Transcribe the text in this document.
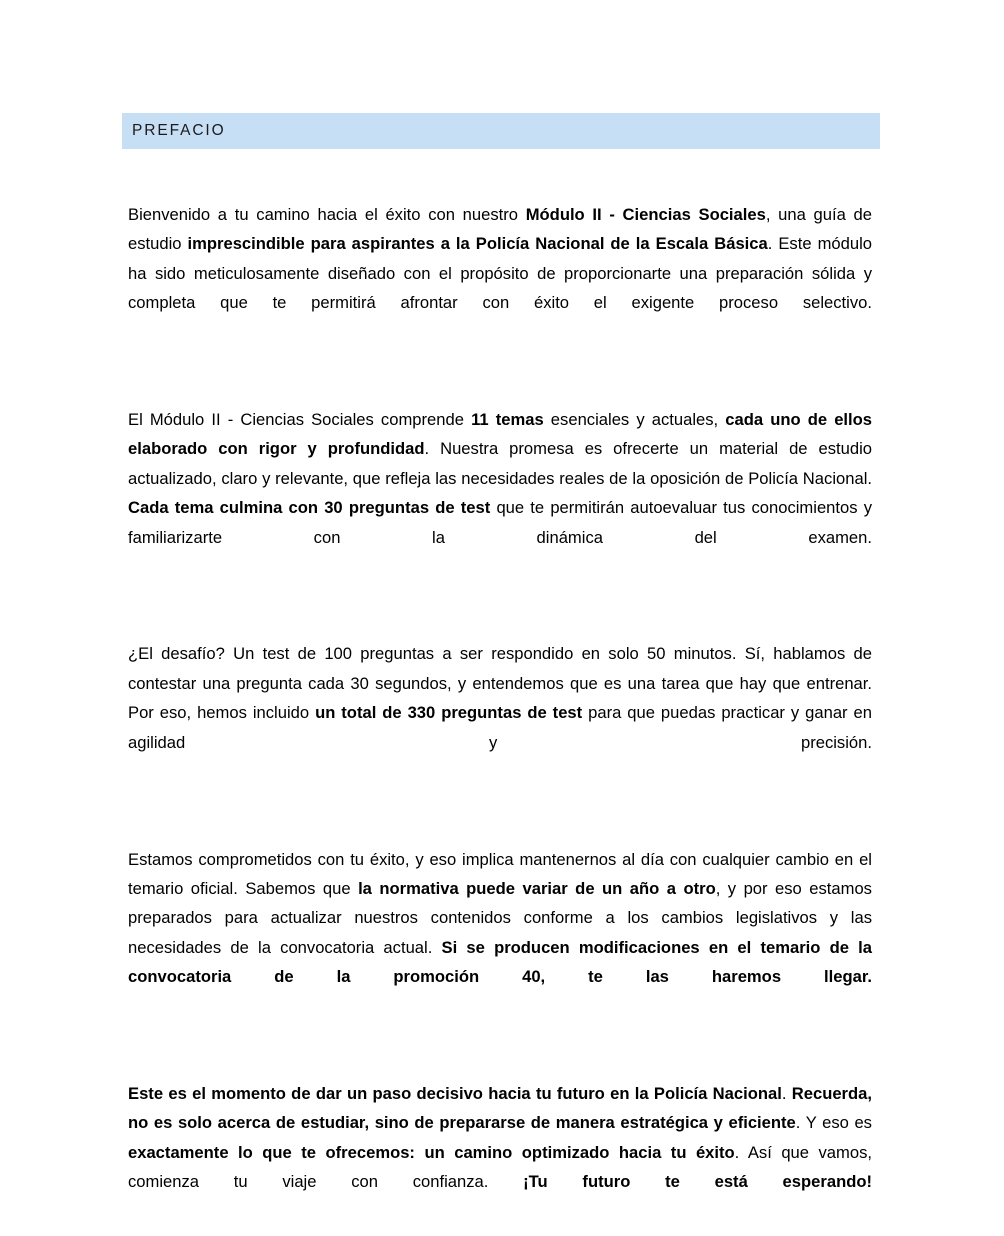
PREFACIO

Bienvenido a tu camino hacia el éxito con nuestro Módulo II - Ciencias Sociales, una guía de estudio imprescindible para aspirantes a la Policía Nacional de la Escala Básica. Este módulo ha sido meticulosamente diseñado con el propósito de proporcionarte una preparación sólida y completa que te permitirá afrontar con éxito el exigente proceso selectivo.

El Módulo II - Ciencias Sociales comprende 11 temas esenciales y actuales, cada uno de ellos elaborado con rigor y profundidad. Nuestra promesa es ofrecerte un material de estudio actualizado, claro y relevante, que refleja las necesidades reales de la oposición de Policía Nacional. Cada tema culmina con 30 preguntas de test que te permitirán autoevaluar tus conocimientos y familiarizarte con la dinámica del examen.

¿El desafío? Un test de 100 preguntas a ser respondido en solo 50 minutos. Sí, hablamos de contestar una pregunta cada 30 segundos, y entendemos que es una tarea que hay que entrenar. Por eso, hemos incluido un total de 330 preguntas de test para que puedas practicar y ganar en agilidad y precisión.

Estamos comprometidos con tu éxito, y eso implica mantenernos al día con cualquier cambio en el temario oficial. Sabemos que la normativa puede variar de un año a otro, y por eso estamos preparados para actualizar nuestros contenidos conforme a los cambios legislativos y las necesidades de la convocatoria actual. Si se producen modificaciones en el temario de la convocatoria de la promoción 40, te las haremos llegar.

Este es el momento de dar un paso decisivo hacia tu futuro en la Policía Nacional. Recuerda, no es solo acerca de estudiar, sino de prepararse de manera estratégica y eficiente. Y eso es exactamente lo que te ofrecemos: un camino optimizado hacia tu éxito. Así que vamos, comienza tu viaje con confianza. ¡Tu futuro te está esperando!
